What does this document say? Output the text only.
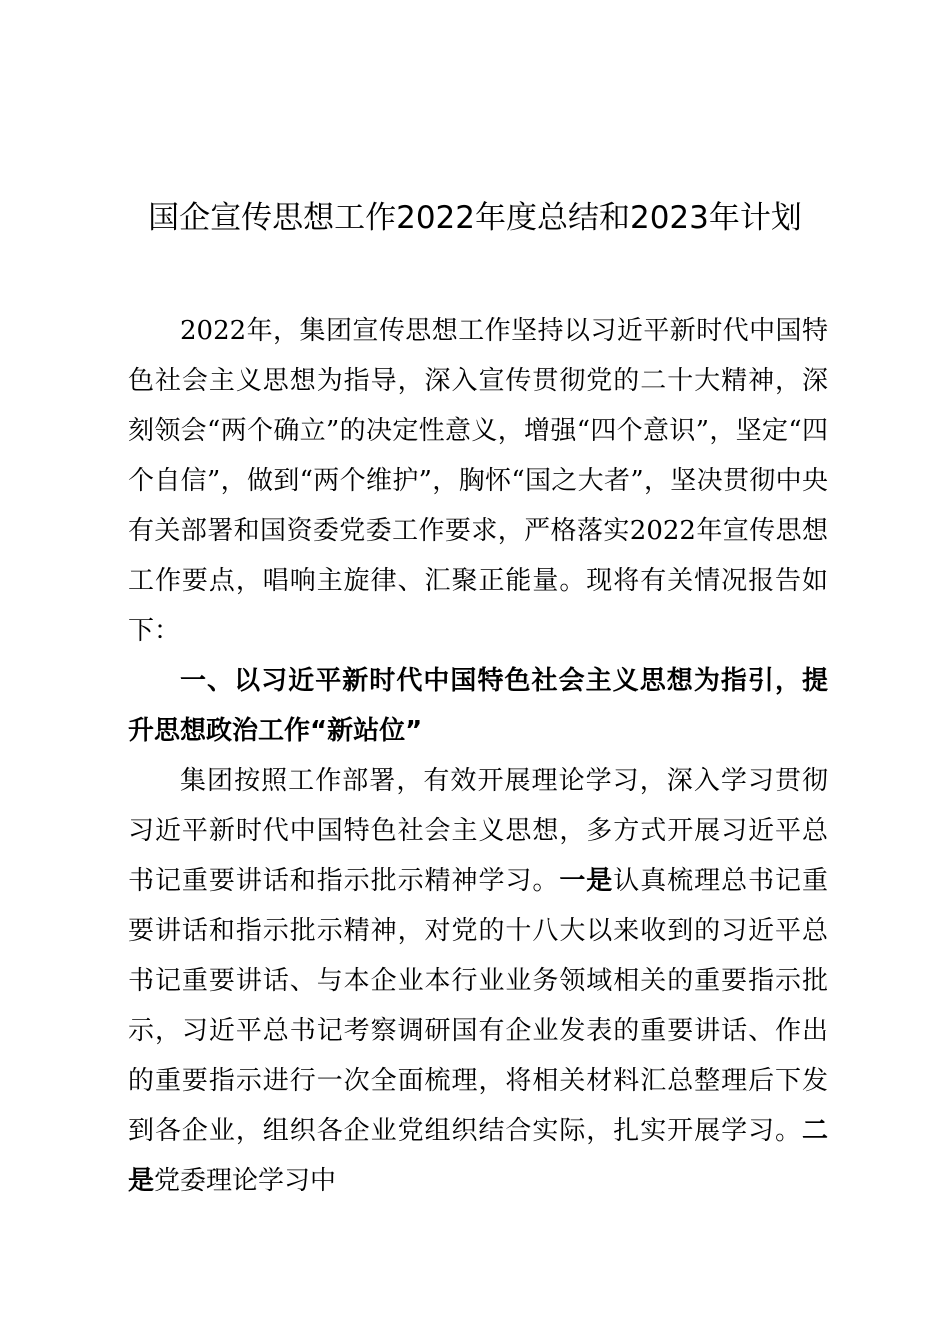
国企宣传思想工作2022年度总结和2023年计划

2022年，集团宣传思想工作坚持以习近平新时代中国特色社会主义思想为指导，深入宣传贯彻党的二十大精神，深刻领会“两个确立”的决定性意义，增强“四个意识”，坚定“四个自信”，做到“两个维护”，胸怀“国之大者”，坚决贯彻中央有关部署和国资委党委工作要求，严格落实2022年宣传思想工作要点，唱响主旋律、汇聚正能量。现将有关情况报告如下：

一、以习近平新时代中国特色社会主义思想为指引，提升思想政治工作“新站位”

集团按照工作部署，有效开展理论学习，深入学习贯彻习近平新时代中国特色社会主义思想，多方式开展习近平总书记重要讲话和指示批示精神学习。一是认真梳理总书记重要讲话和指示批示精神，对党的十八大以来收到的习近平总书记重要讲话、与本企业本行业业务领域相关的重要指示批示，习近平总书记考察调研国有企业发表的重要讲话、作出的重要指示进行一次全面梳理，将相关材料汇总整理后下发到各企业，组织各企业党组织结合实际，扎实开展学习。二是党委理论学习中
